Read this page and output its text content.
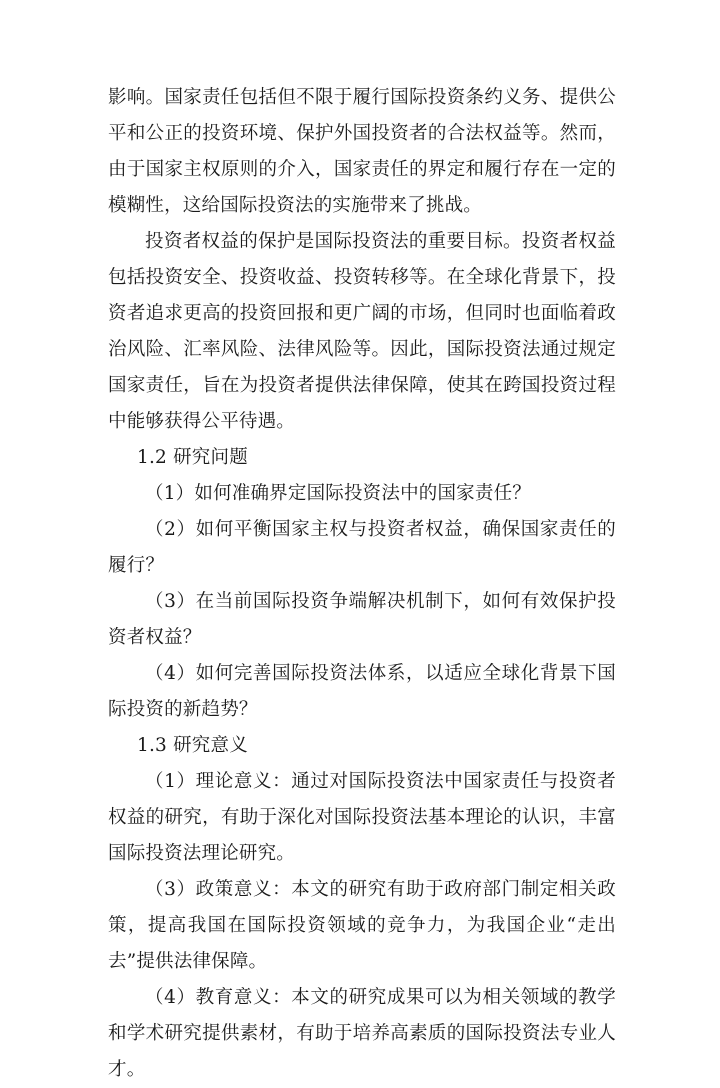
影响。国家责任包括但不限于履行国际投资条约义务、提供公平和公正的投资环境、保护外国投资者的合法权益等。然而，由于国家主权原则的介入，国家责任的界定和履行存在一定的模糊性，这给国际投资法的实施带来了挑战。

投资者权益的保护是国际投资法的重要目标。投资者权益包括投资安全、投资收益、投资转移等。在全球化背景下，投资者追求更高的投资回报和更广阔的市场，但同时也面临着政治风险、汇率风险、法律风险等。因此，国际投资法通过规定国家责任，旨在为投资者提供法律保障，使其在跨国投资过程中能够获得公平待遇。

1.2 研究问题

（1）如何准确界定国际投资法中的国家责任？

（2）如何平衡国家主权与投资者权益，确保国家责任的履行？

（3）在当前国际投资争端解决机制下，如何有效保护投资者权益？

（4）如何完善国际投资法体系，以适应全球化背景下国际投资的新趋势？

1.3 研究意义

（1）理论意义：通过对国际投资法中国家责任与投资者权益的研究，有助于深化对国际投资法基本理论的认识，丰富国际投资法理论研究。

（3）政策意义：本文的研究有助于政府部门制定相关政策，提高我国在国际投资领域的竞争力，为我国企业“走出去”提供法律保障。

（4）教育意义：本文的研究成果可以为相关领域的教学和学术研究提供素材，有助于培养高素质的国际投资法专业人才。
